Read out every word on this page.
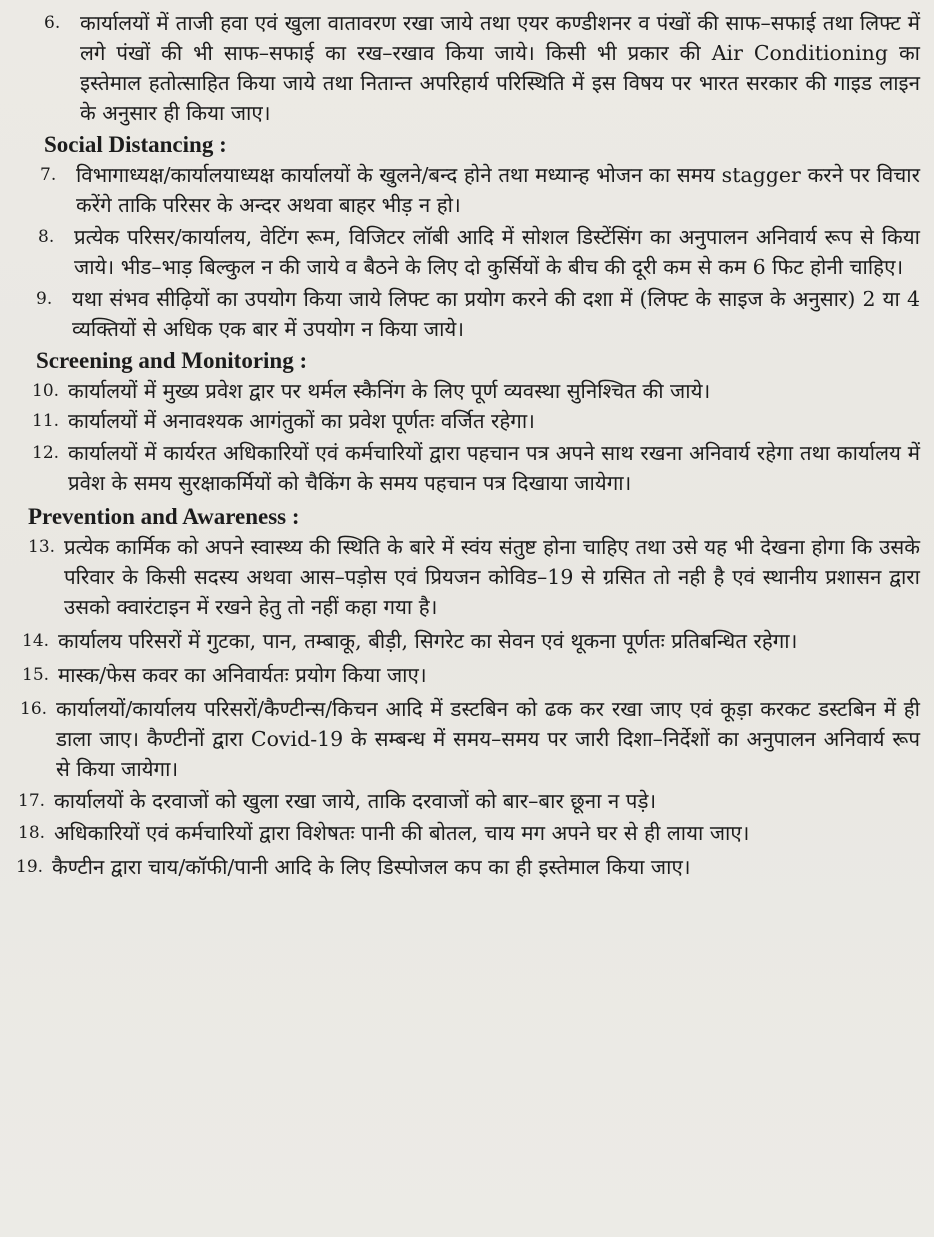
6. कार्यालयों में ताजी हवा एवं खुला वातावरण रखा जाये तथा एयर कण्डीशनर व पंखों की साफ–सफाई तथा लिफ्ट में लगे पंखों की भी साफ–सफाई का रख–रखाव किया जाये। किसी भी प्रकार की Air Conditioning का इस्तेमाल हतोत्साहित किया जाये तथा नितान्त अपरिहार्य परिस्थिति में इस विषय पर भारत सरकार की गाइड लाइन के अनुसार ही किया जाए।
Social Distancing :
7. विभागाध्यक्ष/कार्यालयाध्यक्ष कार्यालयों के खुलने/बन्द होने तथा मध्यान्ह भोजन का समय stagger करने पर विचार करेंगे ताकि परिसर के अन्दर अथवा बाहर भीड़ न हो।
8. प्रत्येक परिसर/कार्यालय, वेटिंग रूम, विजिटर लॉबी आदि में सोशल डिस्टेंसिंग का अनुपालन अनिवार्य रूप से किया जाये। भीड–भाड़ बिल्कुल न की जाये व बैठने के लिए दो कुर्सियों के बीच की दूरी कम से कम 6 फिट होनी चाहिए।
9. यथा संभव सीढ़ियों का उपयोग किया जाये लिफ्ट का प्रयोग करने की दशा में (लिफ्ट के साइज के अनुसार) 2 या 4 व्यक्तियों से अधिक एक बार में उपयोग न किया जाये।
Screening and Monitoring :
10. कार्यालयों में मुख्य प्रवेश द्वार पर थर्मल स्कैनिंग के लिए पूर्ण व्यवस्था सुनिश्चित की जाये।
11. कार्यालयों में अनावश्यक आगंतुकों का प्रवेश पूर्णतः वर्जित रहेगा।
12. कार्यालयों में कार्यरत अधिकारियों एवं कर्मचारियों द्वारा पहचान पत्र अपने साथ रखना अनिवार्य रहेगा तथा कार्यालय में प्रवेश के समय सुरक्षाकर्मियों को चैकिंग के समय पहचान पत्र दिखाया जायेगा।
Prevention and Awareness :
13. प्रत्येक कार्मिक को अपने स्वास्थ्य की स्थिति के बारे में स्वंय संतुष्ट होना चाहिए तथा उसे यह भी देखना होगा कि उसके परिवार के किसी सदस्य अथवा आस–पड़ोस एवं प्रियजन कोविड–19 से ग्रसित तो नही है एवं स्थानीय प्रशासन द्वारा उसको क्वारंटाइन में रखने हेतु तो नहीं कहा गया है।
14. कार्यालय परिसरों में गुटका, पान, तम्बाकू, बीड़ी, सिगरेट का सेवन एवं थूकना पूर्णतः प्रतिबन्धित रहेगा।
15. मास्क/फेस कवर का अनिवार्यतः प्रयोग किया जाए।
16. कार्यालयों/कार्यालय परिसरों/कैण्टीन्स/किचन आदि में डस्टबिन को ढक कर रखा जाए एवं कूड़ा करकट डस्टबिन में ही डाला जाए। कैण्टीनों द्वारा Covid-19 के सम्बन्ध में समय–समय पर जारी दिशा–निर्देशों का अनुपालन अनिवार्य रूप से किया जायेगा।
17. कार्यालयों के दरवाजों को खुला रखा जाये, ताकि दरवाजों को बार–बार छूना न पड़े।
18. अधिकारियों एवं कर्मचारियों द्वारा विशेषतः पानी की बोतल, चाय मग अपने घर से ही लाया जाए।
19. कैण्टीन द्वारा चाय/कॉफी/पानी आदि के लिए डिस्पोजल कप का ही इस्तेमाल किया जाए।
